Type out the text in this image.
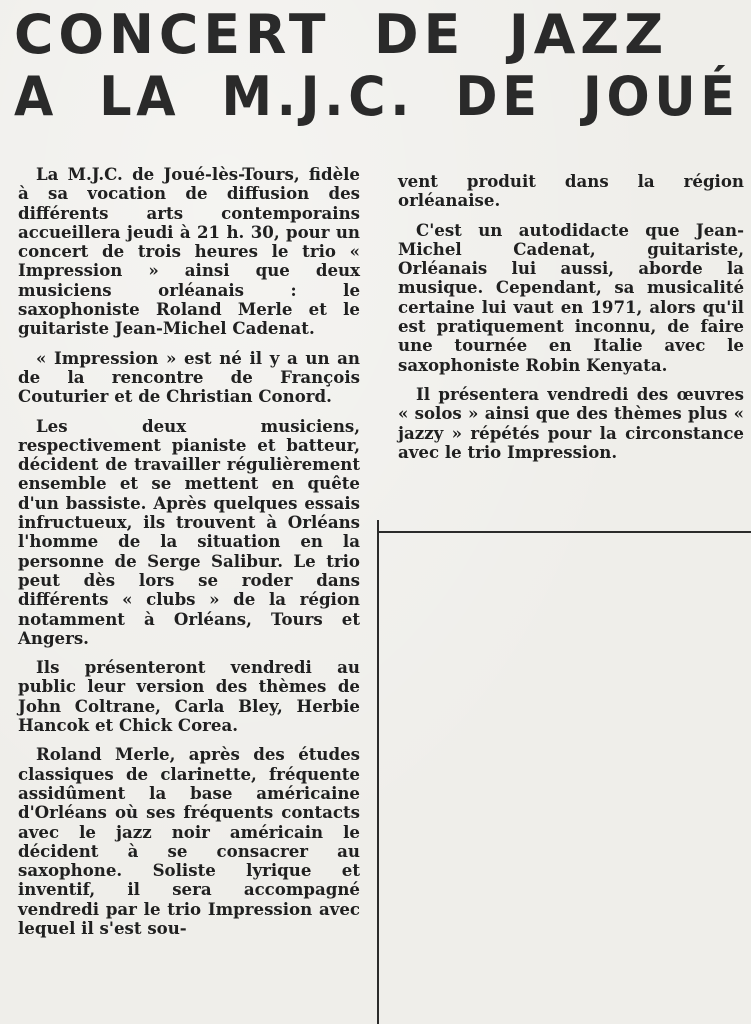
CONCERT DE JAZZ
A LA M.J.C. DE JOUÉ

La M.J.C. de Joué-lès-Tours, fidèle à sa vocation de diffusion des différents arts contemporains accueillera jeudi à 21 h. 30, pour un concert de trois heures le trio « Impression » ainsi que deux musiciens orléanais : le saxophoniste Roland Merle et le guitariste Jean-Michel Cadenat.

« Impression » est né il y a un an de la rencontre de François Couturier et de Christian Conord.

Les deux musiciens, respectivement pianiste et batteur, décident de travailler régulièrement ensemble et se mettent en quête d'un bassiste. Après quelques essais infructueux, ils trouvent à Orléans l'homme de la situation en la personne de Serge Salibur. Le trio peut dès lors se roder dans différents « clubs » de la région notamment à Orléans, Tours et Angers.

Ils présenteront vendredi au public leur version des thèmes de John Coltrane, Carla Bley, Herbie Hancok et Chick Corea.

Roland Merle, après des études classiques de clarinette, fréquente assidûment la base américaine d'Orléans où ses fréquents contacts avec le jazz noir américain le décident à se consacrer au saxophone. Soliste lyrique et inventif, il sera accompagné vendredi par le trio Impression avec lequel il s'est sou-

vent produit dans la région orléanaise.

C'est un autodidacte que Jean-Michel Cadenat, guitariste, Orléanais lui aussi, aborde la musique. Cependant, sa musicalité certaine lui vaut en 1971, alors qu'il est pratiquement inconnu, de faire une tournée en Italie avec le saxophoniste Robin Kenyata.

Il présentera vendredi des œuvres « solos » ainsi que des thèmes plus « jazzy » répétés pour la circonstance avec le trio Impression.
